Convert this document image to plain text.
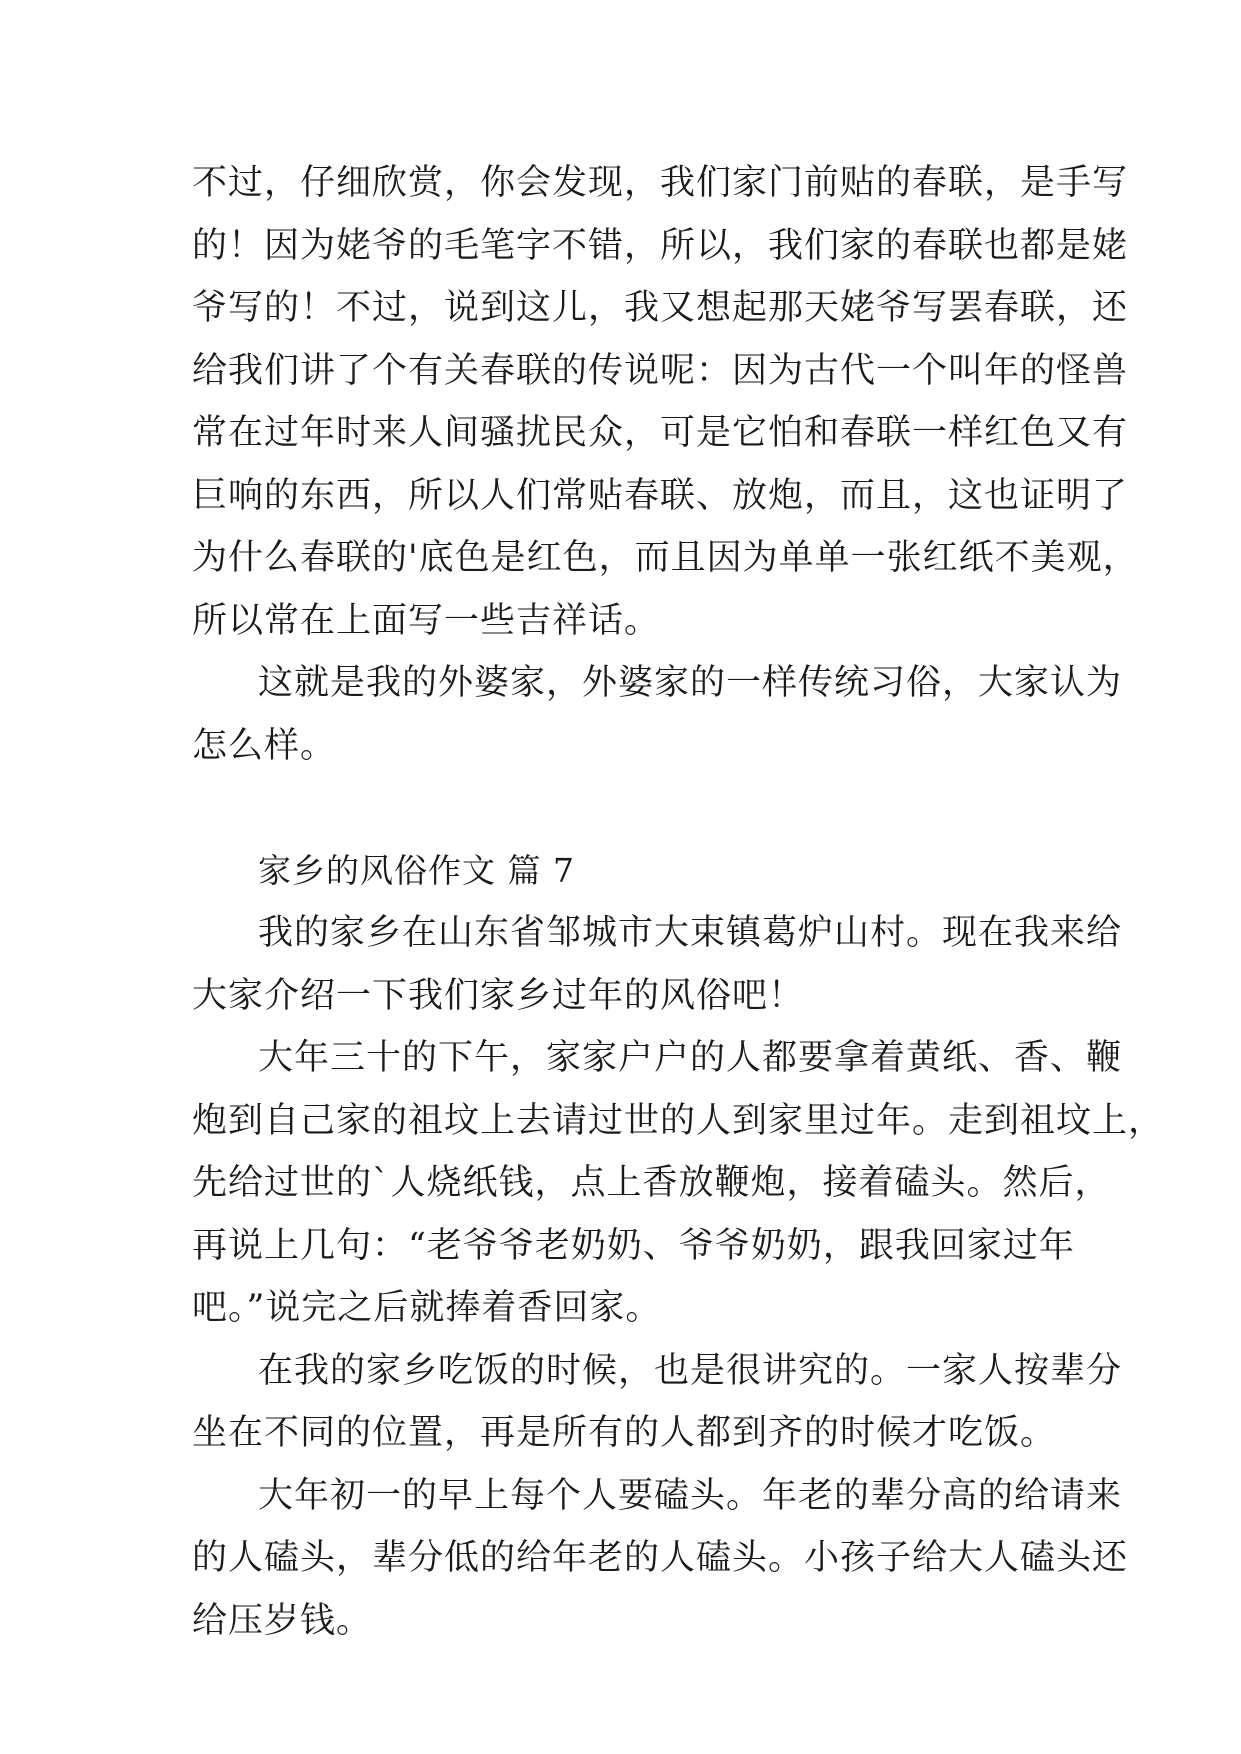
不过，仔细欣赏，你会发现，我们家门前贴的春联，是手写
的！因为姥爷的毛笔字不错，所以，我们家的春联也都是姥
爷写的！不过，说到这儿，我又想起那天姥爷写罢春联，还
给我们讲了个有关春联的传说呢：因为古代一个叫年的怪兽
常在过年时来人间骚扰民众，可是它怕和春联一样红色又有
巨响的东西，所以人们常贴春联、放炮，而且，这也证明了
为什么春联的'底色是红色，而且因为单单一张红纸不美观，
所以常在上面写一些吉祥话。
这就是我的外婆家，外婆家的一样传统习俗，大家认为
怎么样。
家乡的风俗作文 篇 7
我的家乡在山东省邹城市大束镇葛炉山村。现在我来给
大家介绍一下我们家乡过年的风俗吧！
大年三十的下午，家家户户的人都要拿着黄纸、香、鞭
炮到自己家的祖坟上去请过世的人到家里过年。走到祖坟上，
先给过世的`人烧纸钱，点上香放鞭炮，接着磕头。然后，
再说上几句：“老爷爷老奶奶、爷爷奶奶，跟我回家过年
吧。”说完之后就捧着香回家。
在我的家乡吃饭的时候，也是很讲究的。一家人按辈分
坐在不同的位置，再是所有的人都到齐的时候才吃饭。
大年初一的早上每个人要磕头。年老的辈分高的给请来
的人磕头，辈分低的给年老的人磕头。小孩子给大人磕头还
给压岁钱。
